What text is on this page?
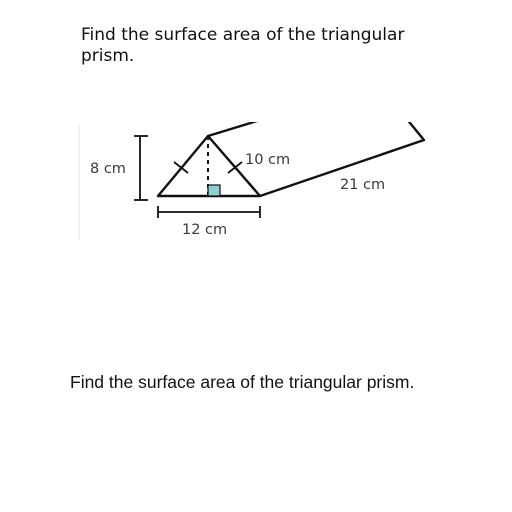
Find the surface area of the triangular prism.
8 cm
10 cm
21 cm
12 cm
Find the surface area of the triangular prism.
